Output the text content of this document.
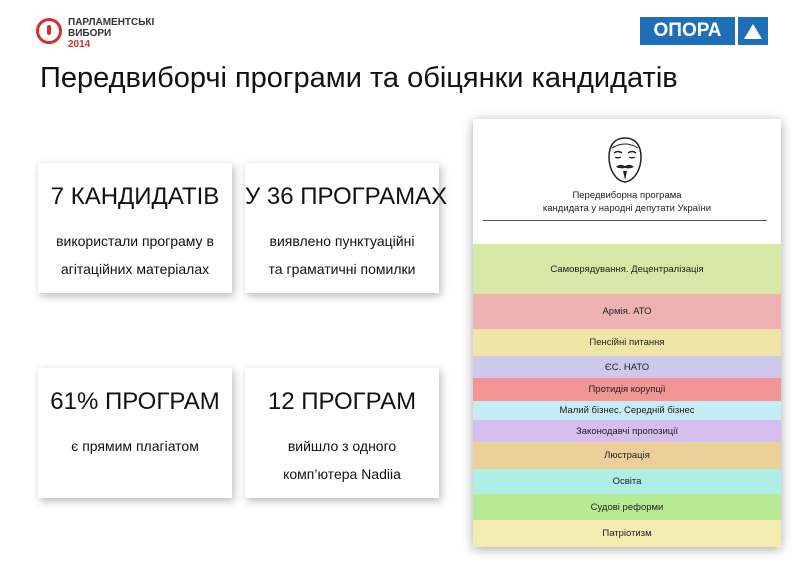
ПАРЛАМЕНТСЬКІ
ВИБОРИ
2014
ОПОРА
Передвиборчі програми та обіцянки кандидатів
7 КАНДИДАТІВ
використали програму в
агітаційних матеріалах
У 36 ПРОГРАМАХ
виявлено пунктуаційні
та граматичні помилки
61% ПРОГРАМ
є прямим плагіатом
12 ПРОГРАМ
вийшло з одного
комп’ютера Nadiia
Передвиборна програма
кандидата у народні депутати України
Самоврядування. Децентралізація
Армія. АТО
Пенсійні питання
ЄС. НАТО
Протидія корупції
Малий бізнес. Середній бізнес
Законодавчі пропозиції
Люстрація
Освіта
Судові реформи
Патріотизм
